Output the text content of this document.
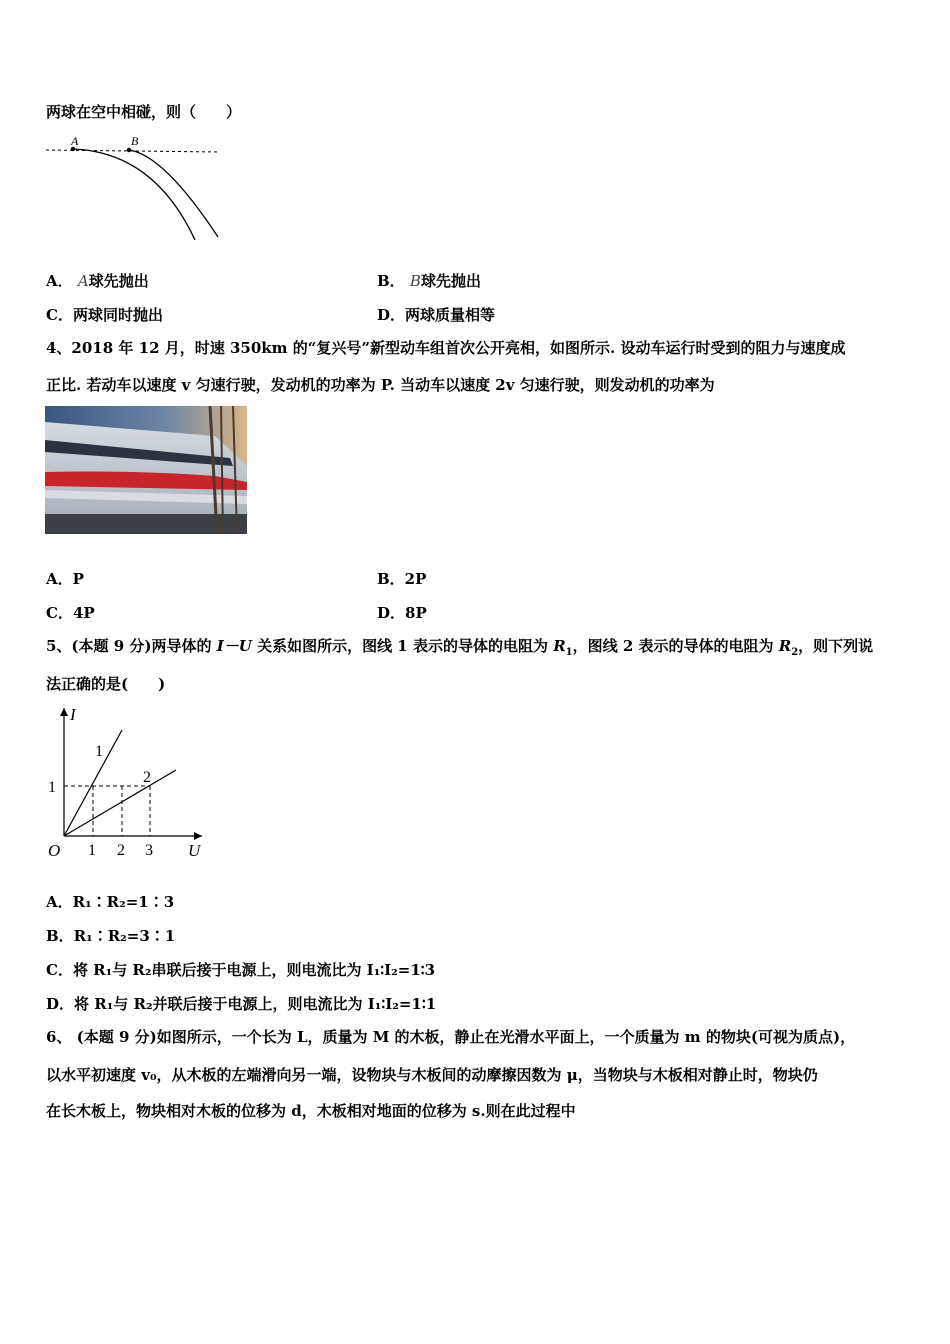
两球在空中相碰，则（　　）
A	B
A． A球先抛出	B． B球先抛出
C．两球同时抛出	D．两球质量相等
4、2018 年 12 月，时速 350km 的“复兴号”新型动车组首次公开亮相，如图所示. 设动车运行时受到的阻力与速度成
正比. 若动车以速度 v 匀速行驶，发动机的功率为 P. 当动车以速度 2v 匀速行驶，则发动机的功率为
A．P	B．2P
C．4P	D．8P
5、(本题 9 分)两导体的 I－U 关系如图所示，图线 1 表示的导体的电阻为 $R_1$，图线 2 表示的导体的电阻为 $R_2$，则下列说
法正确的是(　　)
I
U
O
1
1 2 3
1
2
A．R₁∶R₂=1∶3
B．R₁∶R₂=3∶1
C．将 R₁与 R₂串联后接于电源上，则电流比为 I₁∶I₂=1∶3
D．将 R₁与 R₂并联后接于电源上，则电流比为 I₁∶I₂=1∶1
6、 (本题 9 分)如图所示，一个长为 L，质量为 M 的木板，静止在光滑水平面上，一个质量为 m 的物块(可视为质点)，
以水平初速度 v₀，从木板的左端滑向另一端，设物块与木板间的动摩擦因数为 μ，当物块与木板相对静止时，物块仍
在长木板上，物块相对木板的位移为 d，木板相对地面的位移为 s.则在此过程中
